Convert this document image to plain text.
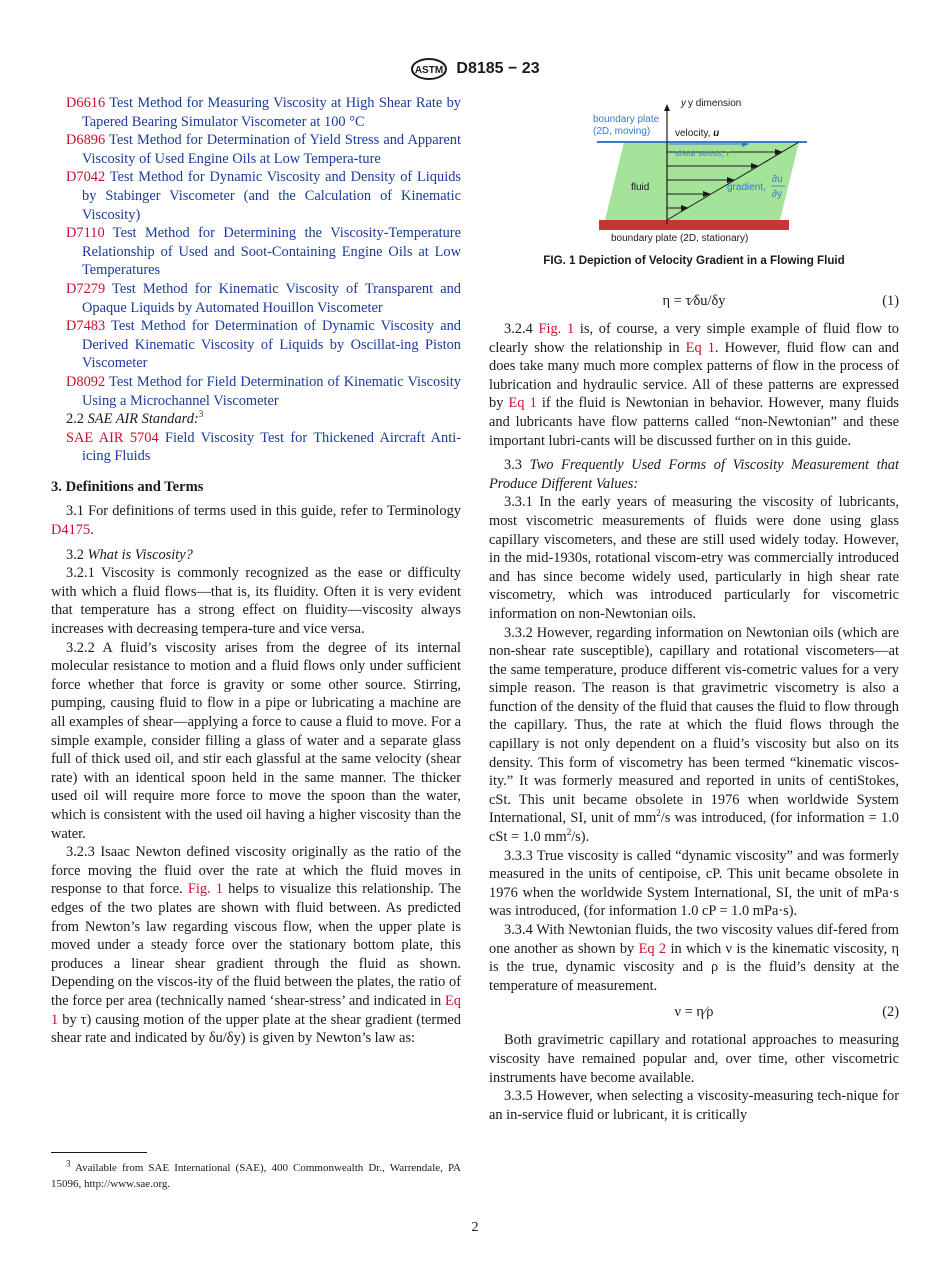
ASTM D8185 − 23

D6616 Test Method for Measuring Viscosity at High Shear Rate by Tapered Bearing Simulator Viscometer at 100 °C

D6896 Test Method for Determination of Yield Stress and Apparent Viscosity of Used Engine Oils at Low Tempera-ture

D7042 Test Method for Dynamic Viscosity and Density of Liquids by Stabinger Viscometer (and the Calculation of Kinematic Viscosity)

D7110 Test Method for Determining the Viscosity-Temperature Relationship of Used and Soot-Containing Engine Oils at Low Temperatures

D7279 Test Method for Kinematic Viscosity of Transparent and Opaque Liquids by Automated Houillon Viscometer

D7483 Test Method for Determination of Dynamic Viscosity and Derived Kinematic Viscosity of Liquids by Oscillat-ing Piston Viscometer

D8092 Test Method for Field Determination of Kinematic Viscosity Using a Microchannel Viscometer

2.2 SAE AIR Standard:$^3$

SAE AIR 5704 Field Viscosity Test for Thickened Aircraft Anti-icing Fluids

3. Definitions and Terms

3.1 For definitions of terms used in this guide, refer to Terminology D4175.

3.2 What is Viscosity?

3.2.1 Viscosity is commonly recognized as the ease or difficulty with which a fluid flows—that is, its fluidity. Often it is very evident that temperature has a strong effect on fluidity—viscosity always increases with decreasing tempera-ture and vice versa.

3.2.2 A fluid’s viscosity arises from the degree of its internal molecular resistance to motion and a fluid flows only under sufficient force whether that force is gravity or some other source. Stirring, pumping, causing fluid to flow in a pipe or lubricating a machine are all examples of shear—applying a force to cause a fluid to move. For a simple example, consider filling a glass of water and a separate glass full of thick used oil, and stir each glassful at the same velocity (shear rate) with an identical spoon held in the same manner. The thicker used oil will require more force to move the spoon than the water, which is consistent with the used oil having a higher viscosity than the water.

3.2.3 Isaac Newton defined viscosity originally as the ratio of the force moving the fluid over the rate at which the fluid moves in response to that force. Fig. 1 helps to visualize this relationship. The edges of the two plates are shown with fluid between. As predicted from Newton’s law regarding viscous flow, when the upper plate is moved under a steady force over the stationary bottom plate, this produces a linear shear gradient through the fluid as shown. Depending on the viscos-ity of the fluid between the plates, the ratio of the force per area (technically named ‘shear-stress’ and indicated in Eq 1 by τ) causing motion of the upper plate at the shear gradient (termed shear rate and indicated by δu/δy) is given by Newton’s law as:

$^3$ Available from SAE International (SAE), 400 Commonwealth Dr., Warrendale, PA 15096, http://www.sae.org.

y y dimension
boundary plate
(2D, moving) velocity, u
shear stress, τ
fluid	gradient,
∂u
∂y
boundary plate (2D, stationary)

FIG. 1 Depiction of Velocity Gradient in a Flowing Fluid

η = τ⁄δu/δy	(1)

3.2.4 Fig. 1 is, of course, a very simple example of fluid flow to clearly show the relationship in Eq 1. However, fluid flow can and does take many much more complex patterns of flow in the process of lubrication and hydraulic service. All of these patterns are expressed by Eq 1 if the fluid is Newtonian in behavior. However, many fluids and lubricants have flow patterns called “non-Newtonian” and these important lubri-cants will be discussed further on in this guide.

3.3 Two Frequently Used Forms of Viscosity Measurement that Produce Different Values:

3.3.1 In the early years of measuring the viscosity of lubricants, most viscometric measurements of fluids were done using glass capillary viscometers, and these are still used widely today. However, in the mid-1930s, rotational viscom-etry was commercially introduced and has since become widely used, particularly in high shear rate viscometry, which was introduced particularly for viscometric information on non-Newtonian oils.

3.3.2 However, regarding information on Newtonian oils (which are non-shear rate susceptible), capillary and rotational viscometers—at the same temperature, produce different vis-cometric values for a very simple reason. The reason is that gravimetric viscometry is also a function of the density of the fluid that causes the fluid to flow through the capillary. Thus, the rate at which the fluid flows through the capillary is not only dependent on a fluid’s viscosity but also on its density. This form of viscometry has been termed “kinematic viscos-ity.” It was formerly measured and reported in units of centiStokes, cSt. This unit became obsolete in 1976 when worldwide System International, SI, unit of $mm^2/s$ was introduced, (for information = 1.0 cSt = 1.0 $mm^2/s$).

3.3.3 True viscosity is called “dynamic viscosity” and was formerly measured in the units of centipoise, cP. This unit became obsolete in 1976 when the worldwide System International, SI, the unit of mPa·s was introduced, (for information 1.0 cP = 1.0 mPa·s).

3.3.4 With Newtonian fluids, the two viscosity values dif-fered from one another as shown by Eq 2 in which ν is the kinematic viscosity, η is the true, dynamic viscosity and ρ is the fluid’s density at the temperature of measurement.

ν = η⁄ρ	(2)

Both gravimetric capillary and rotational approaches to measuring viscosity have remained popular and, over time, other viscometric instruments have become available.

3.3.5 However, when selecting a viscosity-measuring tech-nique for an in-service fluid or lubricant, it is critically

2
